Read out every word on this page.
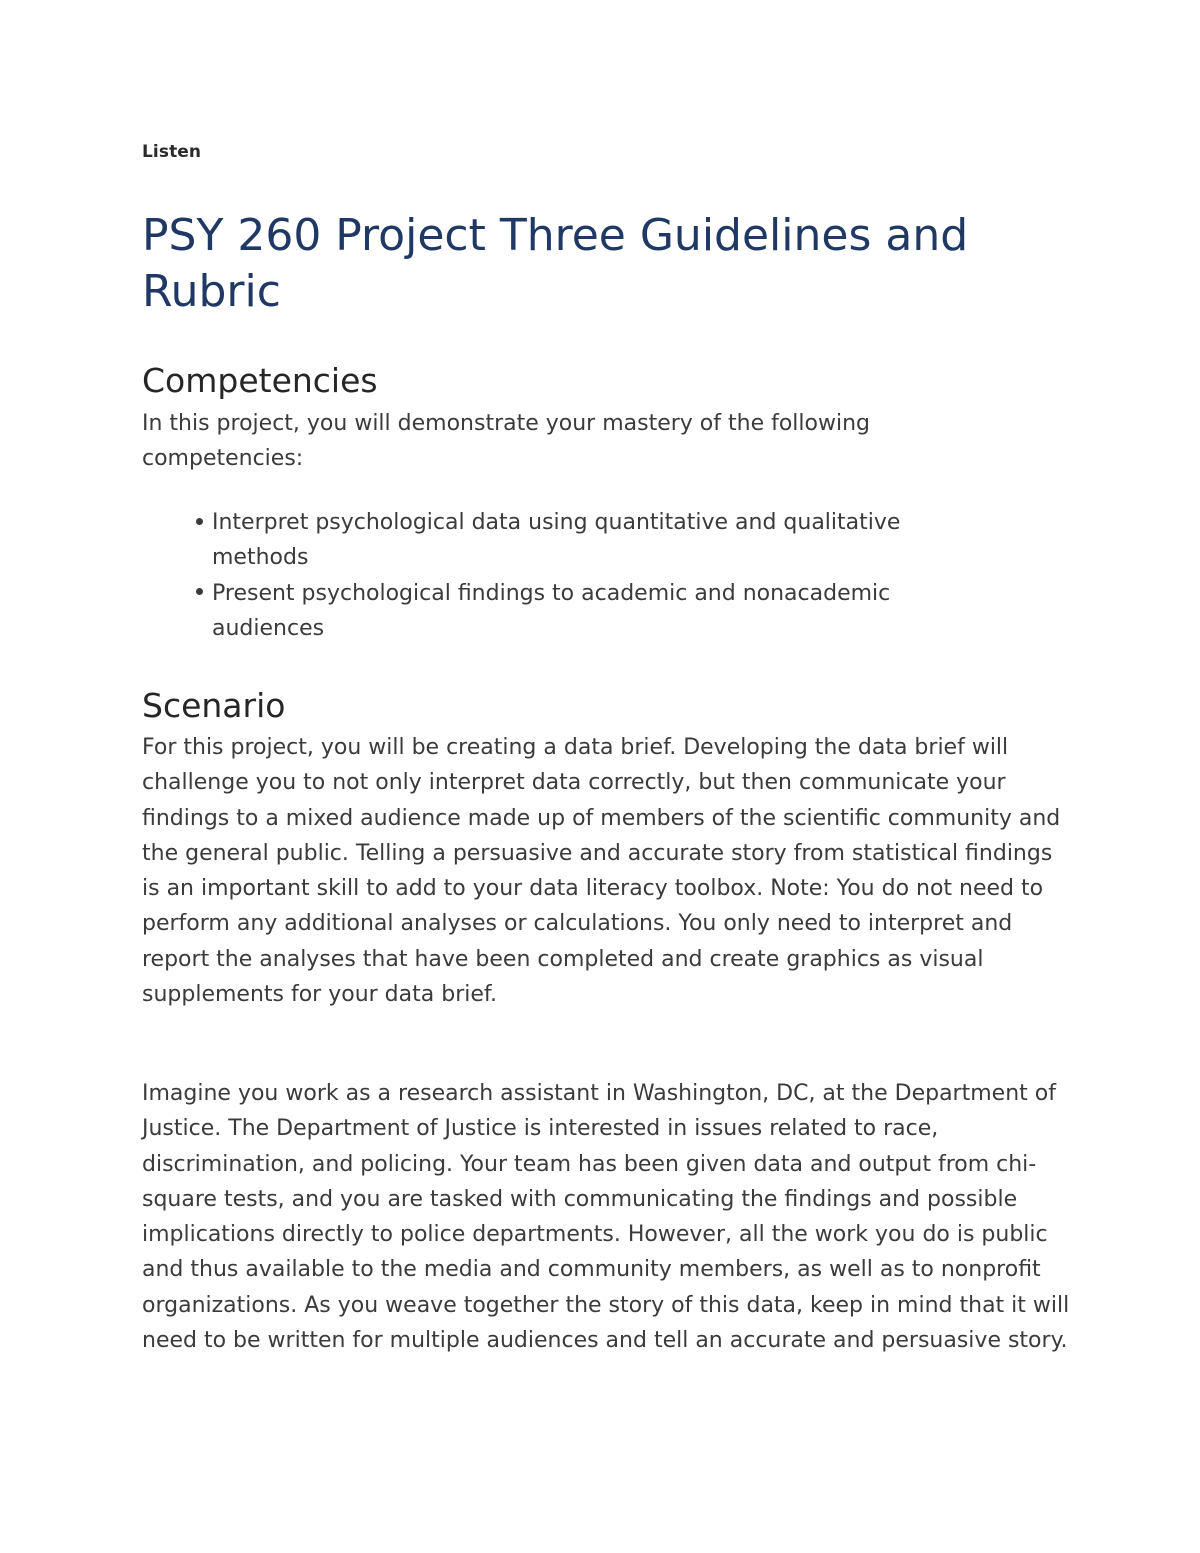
Listen
PSY 260 Project Three Guidelines and Rubric
Competencies

In this project, you will demonstrate your mastery of the following competencies:

Interpret psychological data using quantitative and qualitative methods
Present psychological findings to academic and nonacademic audiences
Scenario

For this project, you will be creating a data brief. Developing the data brief will challenge you to not only interpret data correctly, but then communicate your findings to a mixed audience made up of members of the scientific community and the general public. Telling a persuasive and accurate story from statistical findings is an important skill to add to your data literacy toolbox. Note: You do not need to perform any additional analyses or calculations. You only need to interpret and report the analyses that have been completed and create graphics as visual supplements for your data brief.

Imagine you work as a research assistant in Washington, DC, at the Department of Justice. The Department of Justice is interested in issues related to race, discrimination, and policing. Your team has been given data and output from chi-square tests, and you are tasked with communicating the findings and possible implications directly to police departments. However, all the work you do is public and thus available to the media and community members, as well as to nonprofit organizations. As you weave together the story of this data, keep in mind that it will need to be written for multiple audiences and tell an accurate and persuasive story.
